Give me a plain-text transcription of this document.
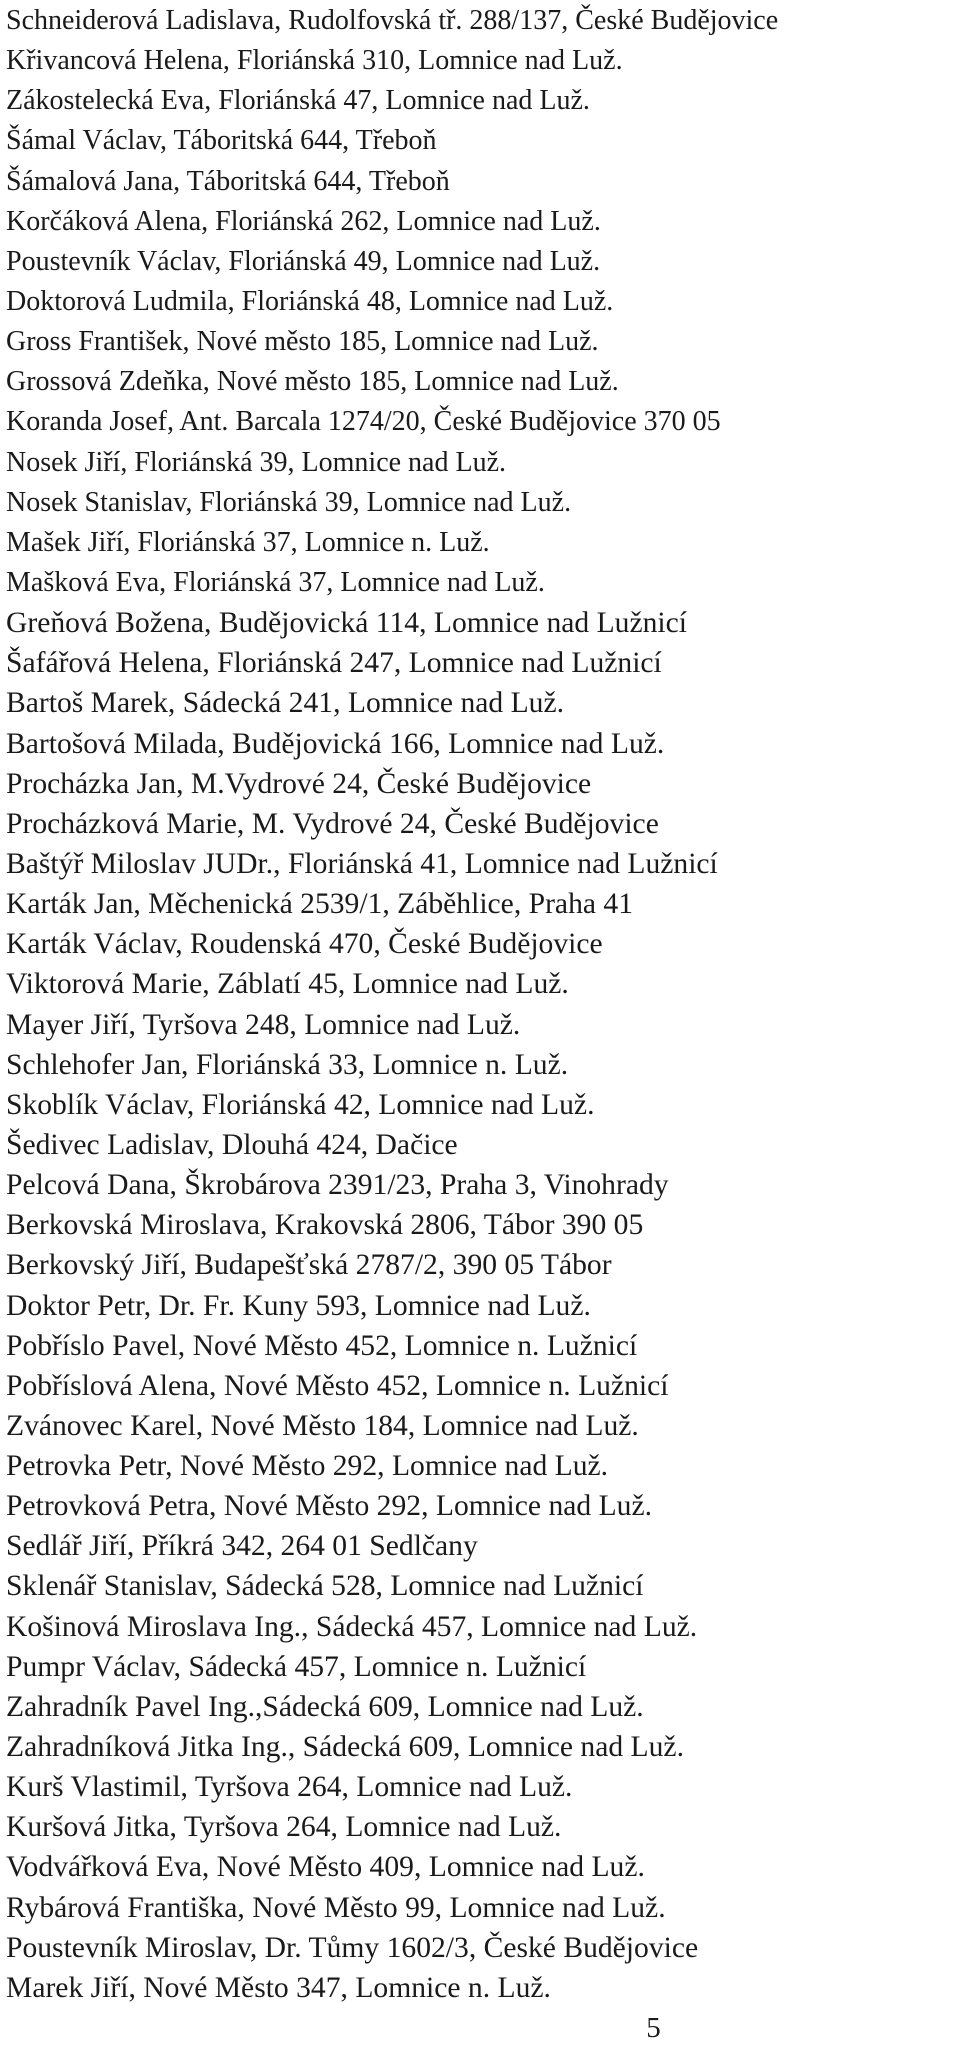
Schneiderová Ladislava, Rudolfovská tř. 288/137, České Budějovice
Křivancová Helena, Floriánská 310, Lomnice nad Luž.
Zákostelecká Eva, Floriánská 47, Lomnice nad Luž.
Šámal Václav, Táboritská 644, Třeboň
Šámalová Jana, Táboritská 644, Třeboň
Korčáková Alena, Floriánská 262, Lomnice nad Luž.
Poustevník Václav, Floriánská 49, Lomnice nad Luž.
Doktorová Ludmila, Floriánská 48, Lomnice nad Luž.
Gross František, Nové město 185, Lomnice nad Luž.
Grossová Zdeňka, Nové město 185, Lomnice nad Luž.
Koranda Josef, Ant. Barcala 1274/20, České Budějovice 370 05
Nosek Jiří, Floriánská 39, Lomnice nad Luž.
Nosek Stanislav, Floriánská 39, Lomnice nad Luž.
Mašek Jiří, Floriánská 37, Lomnice n. Luž.
Mašková Eva, Floriánská 37, Lomnice nad Luž.
Greňová Božena, Budějovická 114, Lomnice nad Lužnicí
Šafářová Helena, Floriánská 247, Lomnice nad Lužnicí
Bartoš Marek, Sádecká 241, Lomnice nad Luž.
Bartošová Milada, Budějovická 166, Lomnice nad Luž.
Procházka Jan, M.Vydrové 24, České Budějovice
Procházková Marie, M. Vydrové 24, České Budějovice
Baštýř Miloslav JUDr., Floriánská 41, Lomnice nad Lužnicí
Karták Jan, Měchenická 2539/1, Záběhlice, Praha 41
Karták Václav, Roudenská 470, České Budějovice
Viktorová Marie, Záblatí 45, Lomnice nad Luž.
Mayer Jiří, Tyršova 248, Lomnice nad Luž.
Schlehofer Jan, Floriánská 33, Lomnice n. Luž.
Skoblík Václav, Floriánská 42, Lomnice nad Luž.
Šedivec Ladislav, Dlouhá 424, Dačice
Pelcová Dana, Škrobárova 2391/23, Praha 3, Vinohrady
Berkovská Miroslava, Krakovská 2806, Tábor 390 05
Berkovský Jiří, Budapešťská 2787/2, 390 05 Tábor
Doktor Petr, Dr. Fr. Kuny 593, Lomnice nad Luž.
Pobříslo Pavel, Nové Město 452, Lomnice n. Lužnicí
Pobříslová Alena, Nové Město 452, Lomnice n. Lužnicí
Zvánovec Karel, Nové Město 184, Lomnice nad Luž.
Petrovka Petr, Nové Město 292, Lomnice nad Luž.
Petrovková Petra, Nové Město 292, Lomnice nad Luž.
Sedlář Jiří, Příkrá 342, 264 01 Sedlčany
Sklenář Stanislav, Sádecká 528, Lomnice nad Lužnicí
Košinová Miroslava Ing., Sádecká 457, Lomnice nad Luž.
Pumpr Václav, Sádecká 457, Lomnice n. Lužnicí
Zahradník Pavel Ing.,Sádecká 609, Lomnice nad Luž.
Zahradníková Jitka Ing., Sádecká 609, Lomnice nad Luž.
Kurš Vlastimil, Tyršova 264, Lomnice nad Luž.
Kuršová Jitka, Tyršova 264, Lomnice nad Luž.
Vodvářková Eva, Nové Město 409, Lomnice nad Luž.
Rybárová Františka, Nové Město 99, Lomnice nad Luž.
Poustevník Miroslav, Dr. Tůmy 1602/3, České Budějovice
Marek Jiří, Nové Město 347, Lomnice n. Luž.
5
